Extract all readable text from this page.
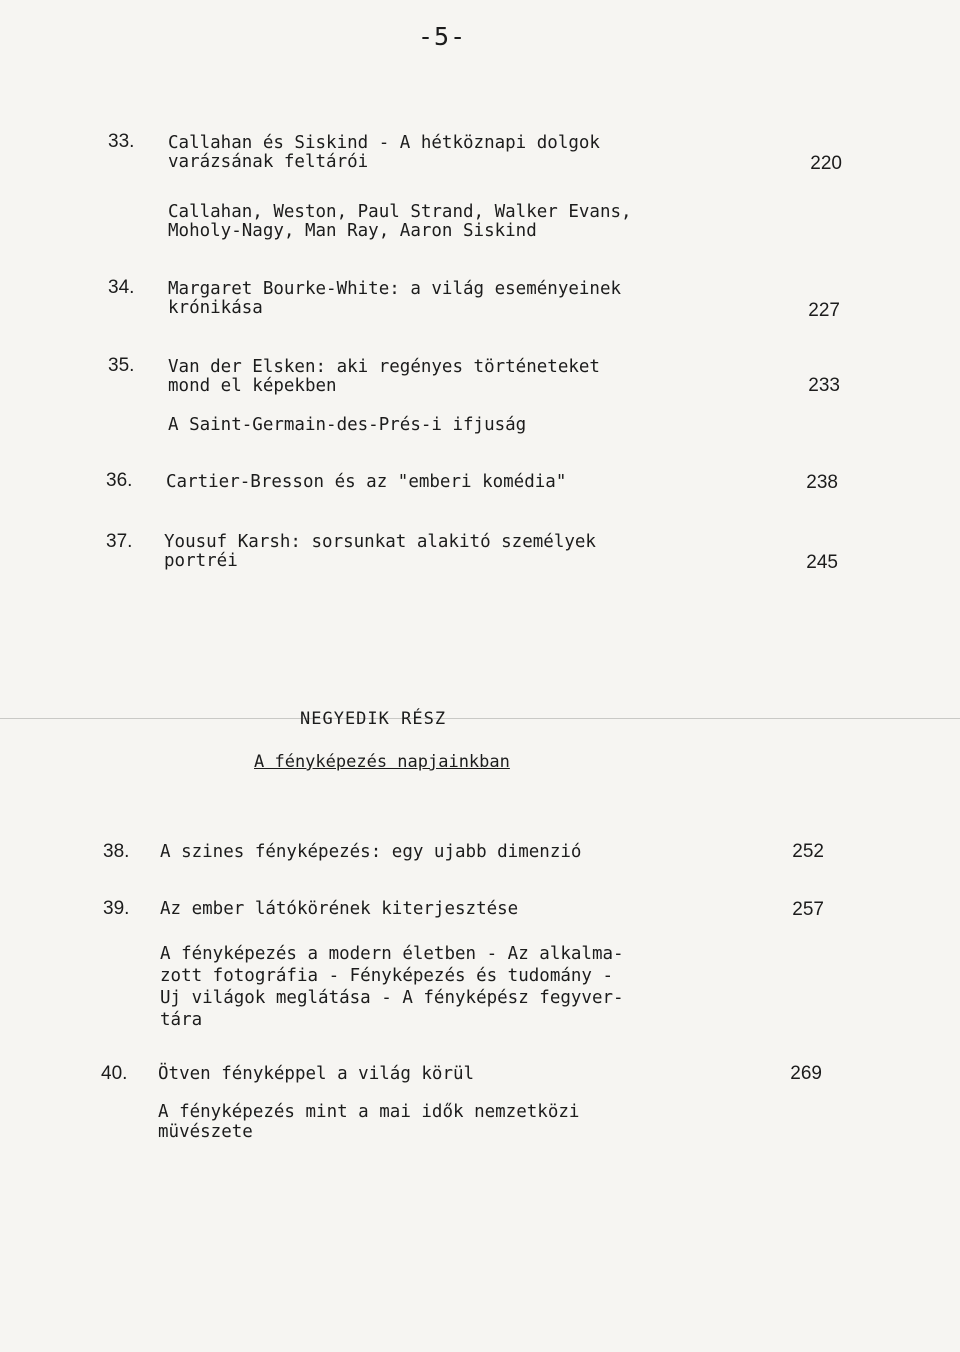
-5-
33. Callahan és Siskind - A hétköznapi dolgok
varázsának feltárói	220
Callahan, Weston, Paul Strand, Walker Evans,
Moholy-Nagy, Man Ray, Aaron Siskind
34. Margaret Bourke-White: a világ eseményeinek
krónikása	227
35. Van der Elsken: aki regényes történeteket
mond el képekben	233
A Saint-Germain-des-Prés-i ifjuság
36. Cartier-Bresson és az "emberi komédia"	238
37. Yousuf Karsh: sorsunkat alakitó személyek
portréi	245
NEGYEDIK RÉSZ
A fényképezés napjainkban
38. A szines fényképezés: egy ujabb dimenzió	252
39. Az ember látókörének kiterjesztése	257
A fényképezés a modern életben - Az alkalma-
zott fotográfia - Fényképezés és tudomány -
Uj világok meglátása - A fényképész fegyver-
tára
40. Ötven fényképpel a világ körül	269
A fényképezés mint a mai idők nemzetközi
müvészete
